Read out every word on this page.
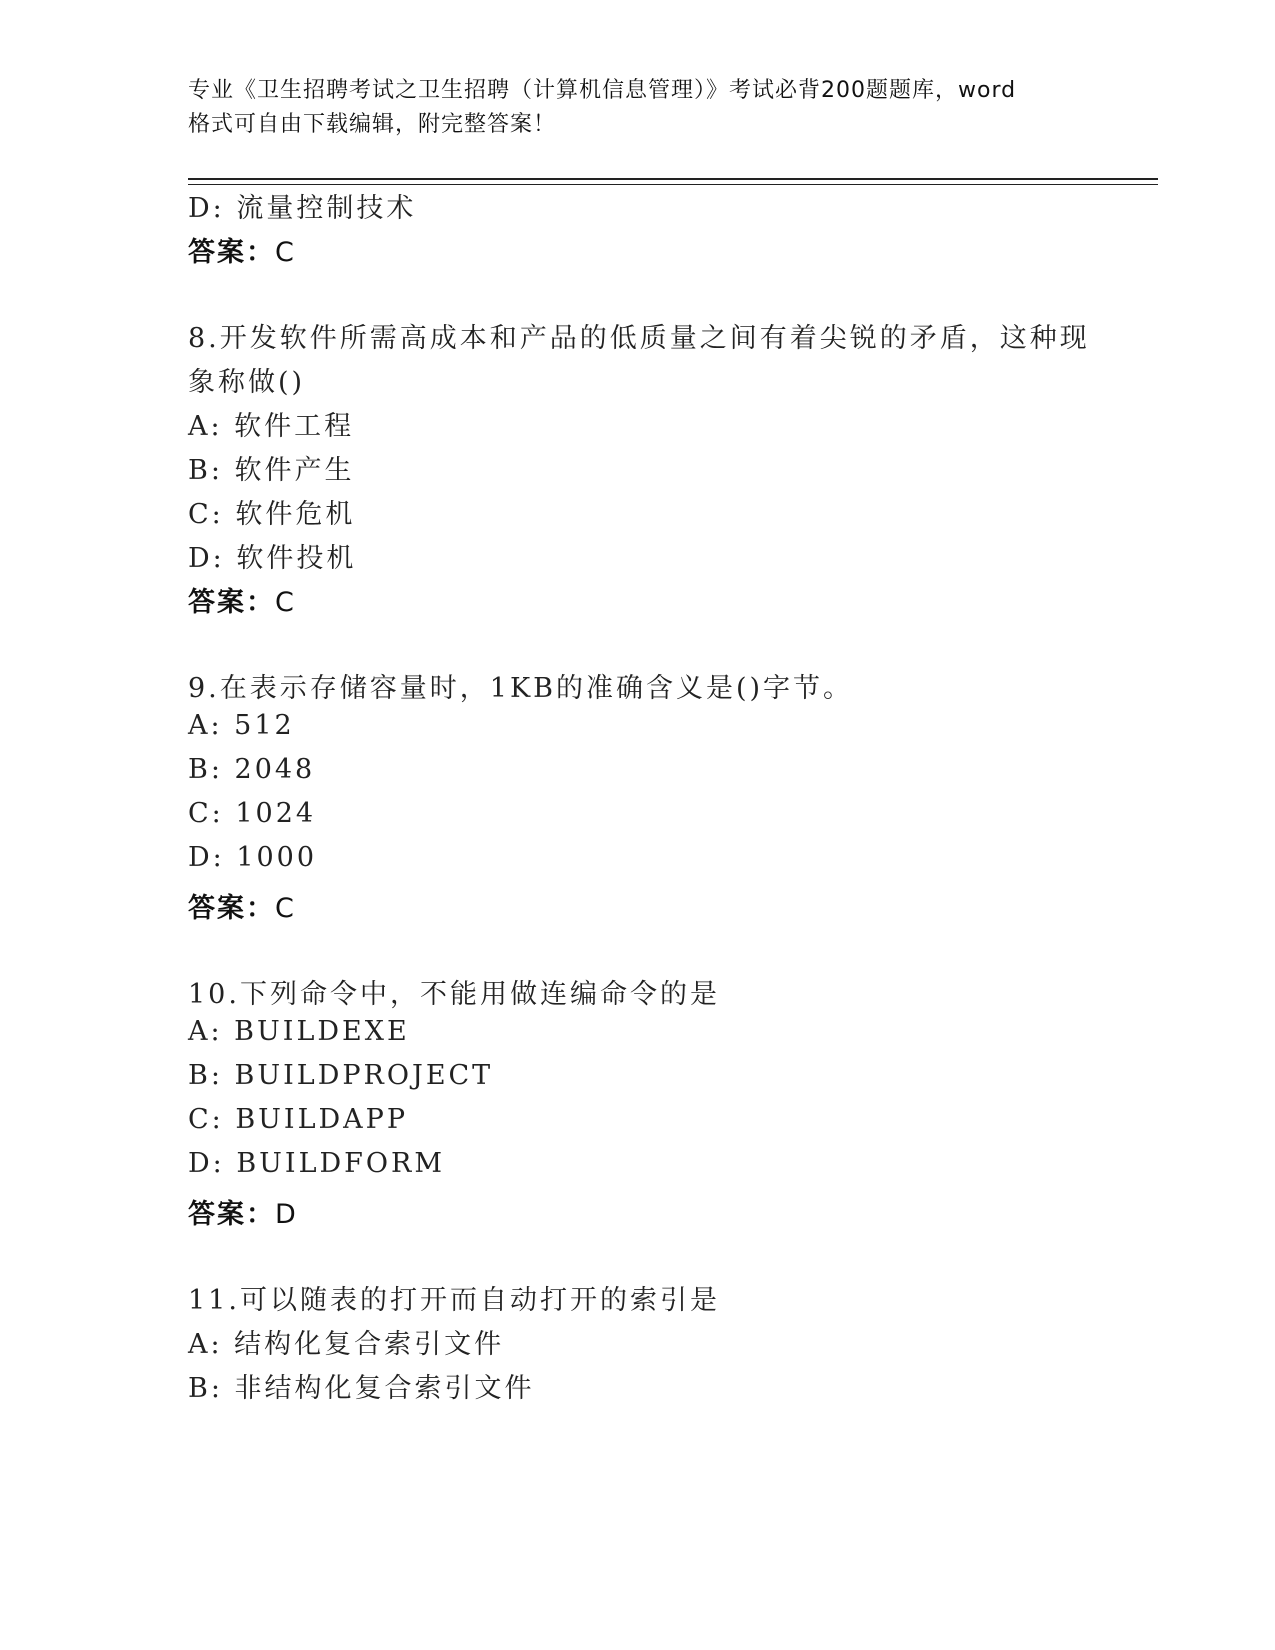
专业《卫生招聘考试之卫生招聘（计算机信息管理）》考试必背200题题库，word
格式可自由下载编辑，附完整答案！
D: 流量控制技术
答案：C
8.开发软件所需高成本和产品的低质量之间有着尖锐的矛盾，这种现
象称做()
A: 软件工程
B: 软件产生
C: 软件危机
D: 软件投机
答案：C
9.在表示存储容量时，1KB的准确含义是()字节。
A: 512
B: 2048
C: 1024
D: 1000
答案：C
10.下列命令中，不能用做连编命令的是
A: BUILDEXE
B: BUILDPROJECT
C: BUILDAPP
D: BUILDFORM
答案：D
11.可以随表的打开而自动打开的索引是
A: 结构化复合索引文件
B: 非结构化复合索引文件
